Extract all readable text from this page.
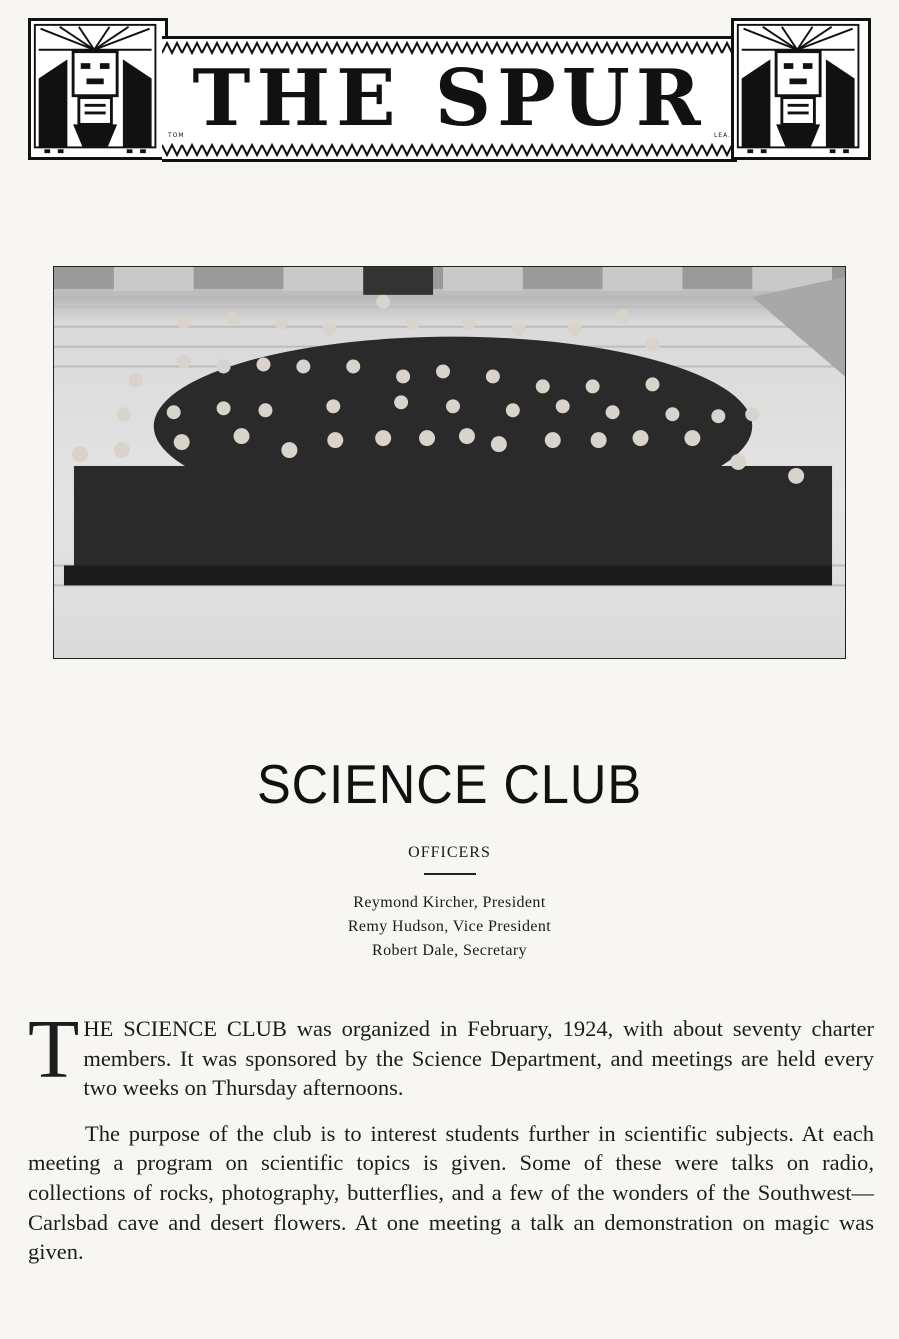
THE SPUR
TOM	LEA.
SCIENCE CLUB
OFFICERS
Reymond Kircher, President
Remy Hudson, Vice President
Robert Dale, Secretary

THE SCIENCE CLUB was organized in February, 1924, with about seventy charter members. It was sponsored by the Science Department, and meetings are held every two weeks on Thursday afternoons.

The purpose of the club is to interest students further in scientific subjects. At each meeting a program on scientific topics is given. Some of these were talks on radio, collections of rocks, photography, butterflies, and a few of the wonders of the Southwest—Carlsbad cave and desert flowers. At one meeting a talk an demonstration on magic was given.
